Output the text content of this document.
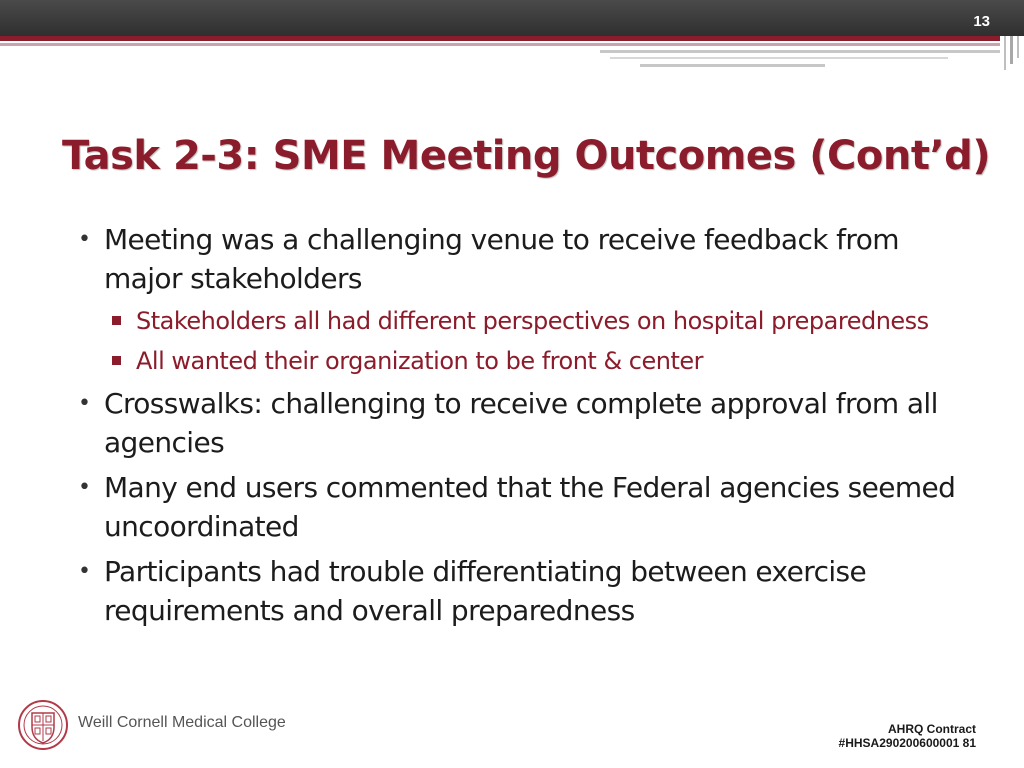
13
Task 2-3: SME Meeting Outcomes (Cont’d)

• Meeting was a challenging venue to receive feedback from major stakeholders

Stakeholders all had different perspectives on hospital preparedness

All wanted their organization to be front & center

• Crosswalks: challenging to receive complete approval from all agencies

• Many end users commented that the Federal agencies seemed uncoordinated

• Participants had trouble differentiating between exercise requirements and overall preparedness

Weill Cornell Medical College	AHRQ Contract
#HHSA290200600001 81
